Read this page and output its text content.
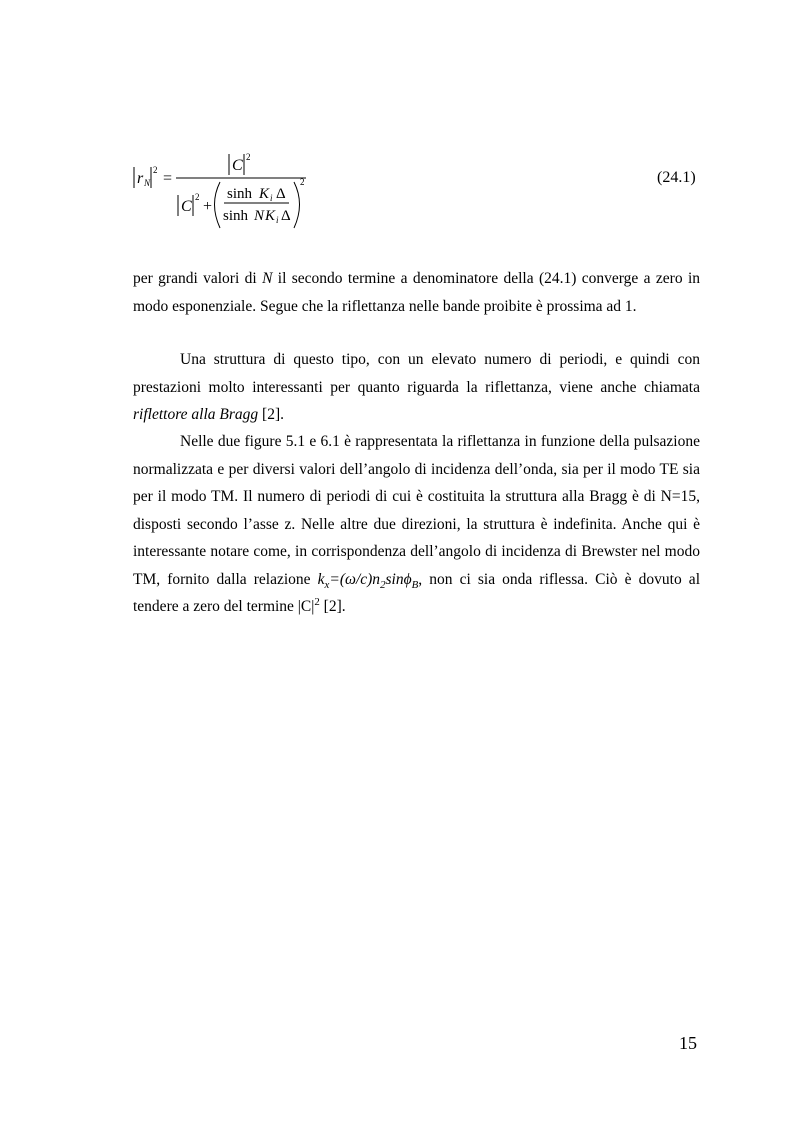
r N
2 =
C 2
C
2
+
sinh K i Δ
sinh N K i Δ
2	(24.1)

per grandi valori di N il secondo termine a denominatore della (24.1) converge a zero in modo esponenziale. Segue che la riflettanza nelle bande proibite è prossima ad 1.

Una struttura di questo tipo, con un elevato numero di periodi, e quindi con prestazioni molto interessanti per quanto riguarda la riflettanza, viene anche chiamata riflettore alla Bragg [2].

Nelle due figure 5.1 e 6.1 è rappresentata la riflettanza in funzione della pulsazione normalizzata e per diversi valori dell’angolo di incidenza dell’onda, sia per il modo TE sia per il modo TM. Il numero di periodi di cui è costituita la struttura alla Bragg è di N=15, disposti secondo l’asse z. Nelle altre due direzioni, la struttura è indefinita. Anche qui è interessante notare come, in corrispondenza dell’angolo di incidenza di Brewster nel modo TM, fornito dalla relazione $k_x=(\omega/c)n_2\sin\phi_B$, non ci sia onda riflessa. Ciò è dovuto al tendere a zero del termine $|C|^2$ [2].

15
